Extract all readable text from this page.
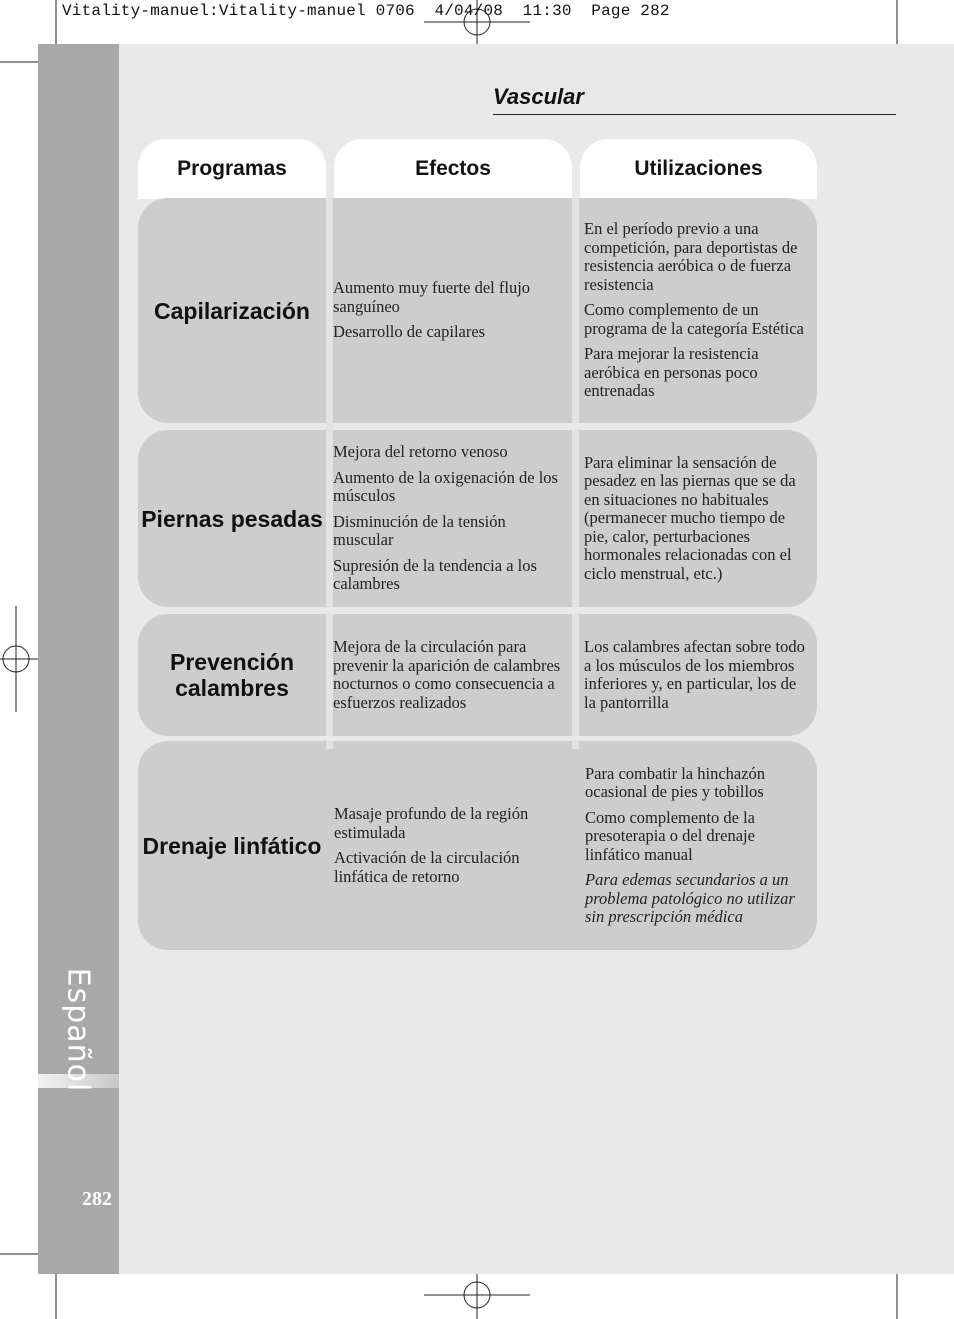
Vitality-manuel:Vitality-manuel 0706  4/04/08  11:30  Page 282
Español
282
Vascular
Programas	Efectos	Utilizaciones
Capilarización

Aumento muy fuerte del flujo sanguíneo

Desarrollo de capilares

En el período previo a una competición, para deportistas de resistencia aeróbica o de fuerza resistencia

Como complemento de un programa de la categoría Estética

Para mejorar la resistencia aeróbica en personas poco entrenadas

Piernas pesadas

Mejora del retorno venoso

Aumento de la oxigenación de los músculos

Disminución de la tensión muscular

Supresión de la tendencia a los calambres

Para eliminar la sensación de pesadez en las piernas que se da en situaciones no habituales (permanecer mucho tiempo de pie, calor, perturbaciones hormonales relacionadas con el ciclo menstrual, etc.)

Prevención calambres

Mejora de la circulación para prevenir la aparición de calambres nocturnos o como consecuencia a esfuerzos realizados

Los calambres afectan sobre todo a los músculos de los miembros inferiores y, en particular, los de la pantorrilla

Drenaje linfático

Masaje profundo de la región estimulada

Activación de la circulación linfática de retorno

Para combatir la hinchazón ocasional de pies y tobillos

Como complemento de la presoterapia o del drenaje linfático manual

Para edemas secundarios a un problema patológico no utilizar sin prescripción médica
